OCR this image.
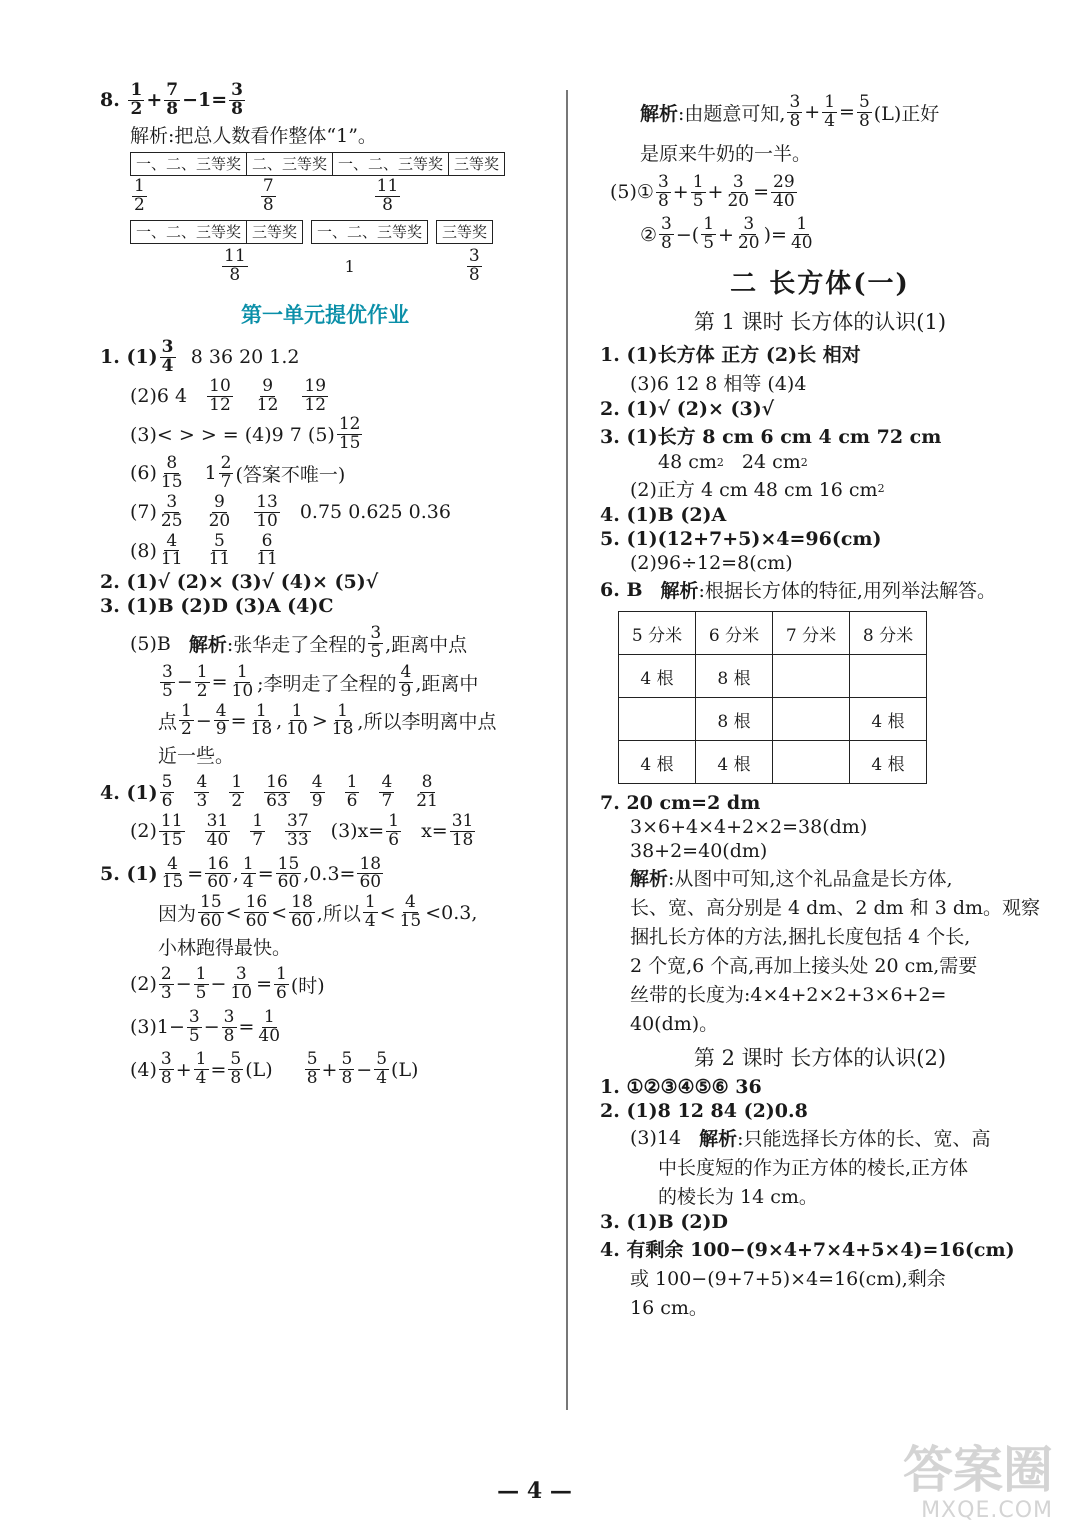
8.
$\frac{1}{2} + \frac{7}{8} -1= \frac{3}{8}$
解析:把总人数看作整体“1”。
一、二、三等奖 二、三等奖 一、二、三等奖 三等奖
$\frac{1}{2}$	$\frac{7}{8}$	$\frac{11}{8}$
一、二、三等奖 三等奖	一、二、三等奖	三等奖
$\frac{11}{8}$	1	$\frac{3}{8}$
第一单元提优作业
1. $(1) \frac{3}{4}$
8 36 20 1.2
(2)6 $4 \frac{10}{12} \frac{9}{12} \frac{19}{12}$
(3)< > > = (4)9 7 $(5) \frac{12}{15}$
$(6) \frac{8}{15} 1 \frac{2}{7}$ (答案不唯一)
$(7) \frac{3}{25} \frac{9}{20} \frac{13}{10} 0.75$ 0.625 0.36
$(8) \frac{4}{11} \frac{5}{11} \frac{6}{11}$
2. (1)√ (2)× (3)√ (4)× (5)√
3. (1)B (2)D (3)A (4)C
(5)B 解析 :张华走了全程的 $\frac{3}{5}$ ,距离中点
$\frac{3}{5} - \frac{1}{2} = \frac{1}{10}$ ;李明走了全程的 $\frac{4}{9}$ ,距离中
点 $\frac{1}{2} - \frac{4}{9} = \frac{1}{18}$ , $\frac{1}{10} > \frac{1}{18}$ ,所以李明离中点
近一些。
4. $(1) \frac{5}{6} \frac{4}{3} \frac{1}{2} \frac{16}{63} \frac{4}{9} \frac{1}{6} \frac{4}{7} \frac{8}{21}$
$(2) \frac{11}{15} \frac{31}{40} \frac{1}{7} \frac{37}{33} (3)x= \frac{1}{6} x= \frac{31}{18}$
5. $(1) \frac{4}{15} = \frac{16}{60}$ , $\frac{1}{4} = \frac{15}{60} ,0.3= \frac{18}{60}$
因为 $\frac{15}{60} < \frac{16}{60} < \frac{18}{60}$ ,所以 $\frac{1}{4} < \frac{4}{15} <0.3$,
小林跑得最快。
$(2) \frac{2}{3} - \frac{1}{5} - \frac{3}{10} = \frac{1}{6}$ (时)
$(3)1- \frac{3}{5} - \frac{3}{8} = \frac{1}{40}$
$(4) \frac{3}{8} + \frac{1}{4} = \frac{5}{8} (L) \frac{5}{8} + \frac{5}{8} - \frac{5}{4} (L)$
解析 :由题意可知, $\frac{3}{8} + \frac{1}{4} = \frac{5}{8} (L)$正好
是原来牛奶的一半。
(5)① $\frac{3}{8} + \frac{1}{5} + \frac{3}{20} = \frac{29}{40}$
② $\frac{3}{8}$ − ( $\frac{1}{5} + \frac{3}{20}$ )= $\frac{1}{40}$
二 长方体(一)
第 1 课时 长方体的认识(1)
1. (1)长方体 正方 (2)长 相对
(3)6 12 8 相等 (4)4
2. (1)√ (2)× (3)√
3. (1)长方 8 cm 6 cm 4 cm 72 cm
48 cm 2 24 cm 2
(2)正方 4 cm 48 cm 16 cm 2
4. (1)B (2)A
5. (1)(12+7+5)×4=96(cm)
(2)96÷12=8(cm)
6. B 解析 :根据长方体的特征,用列举法解答。
5 分米	6 分米	7 分米	8 分米
4 根	8 根		
	8 根		4 根
4 根	4 根		4 根
7. 20 cm=2 dm
3×6+4×4+2×2=38(dm)
38+2=40(dm)
解析 :从图中可知,这个礼品盒是长方体,
长、宽、高分别是 4 dm、2 dm 和 3 dm。观察
捆扎长方体的方法,捆扎长度包括 4 个长,
2 个宽,6 个高,再加上接头处 20 cm,需要
丝带的长度为:4×4+2×2+3×6+2=
40(dm)。
第 2 课时 长方体的认识(2)
1. ①②③④⑤⑥ 36
2. (1)8 12 84 (2)0.8
(3)14 解析 :只能选择长方体的长、宽、高
中长度短的作为正方体的棱长,正方体
的棱长为 14 cm。
3. (1)B (2)D
4. 有剩余 100−(9×4+7×4+5×4)=16(cm)
或 100−(9+7+5)×4=16(cm),剩余
16 cm。
— 4 —	答案圈
MXQE.COM
